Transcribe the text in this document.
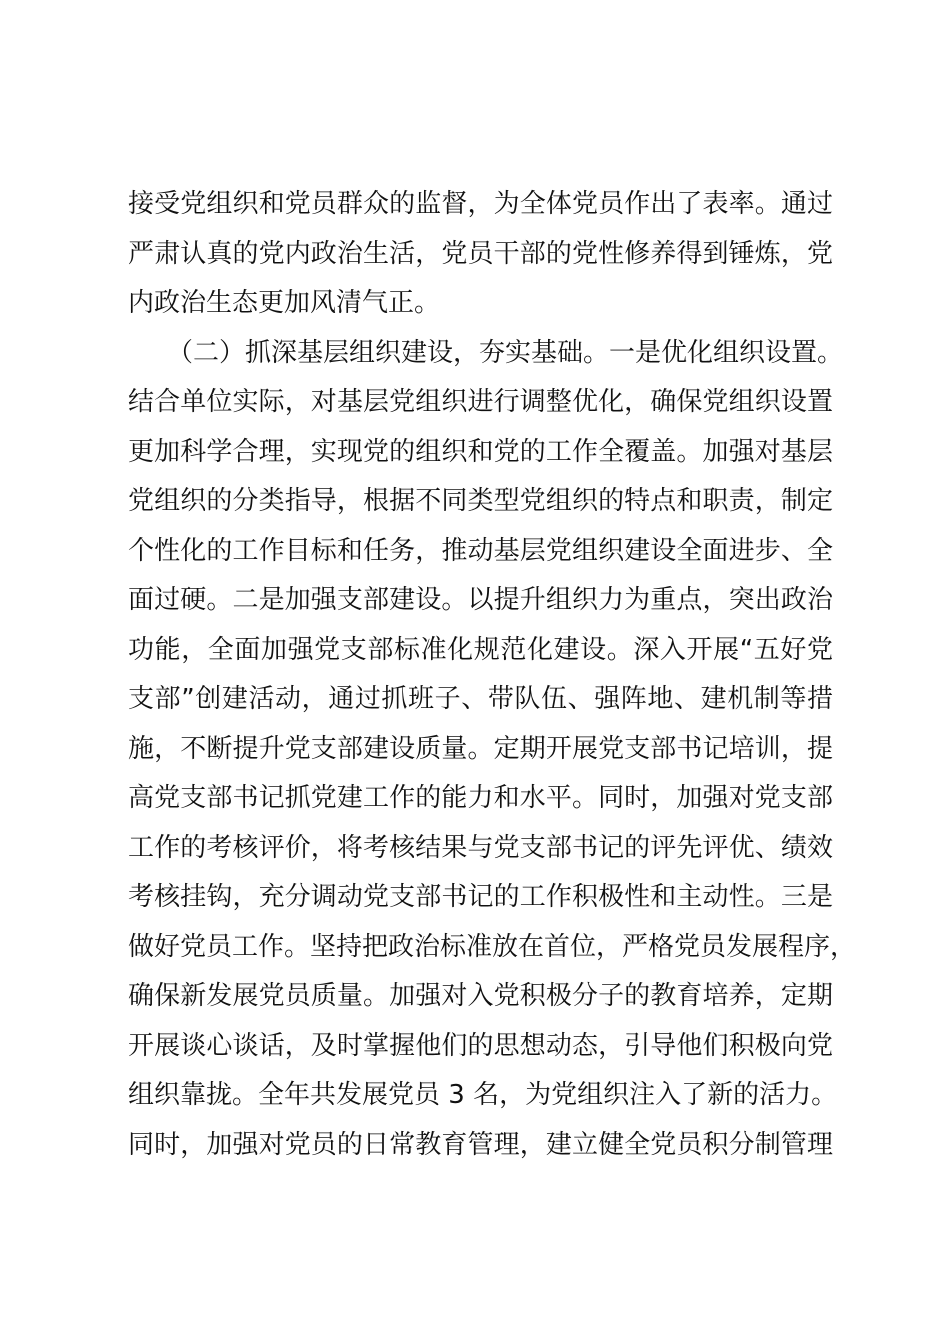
接受党组织和党员群众的监督，为全体党员作出了表率。通过
严肃认真的党内政治生活，党员干部的党性修养得到锤炼，党
内政治生态更加风清气正。
　　（二）抓深基层组织建设，夯实基础。一是优化组织设置。
结合单位实际，对基层党组织进行调整优化，确保党组织设置
更加科学合理，实现党的组织和党的工作全覆盖。加强对基层
党组织的分类指导，根据不同类型党组织的特点和职责，制定
个性化的工作目标和任务，推动基层党组织建设全面进步、全
面过硬。二是加强支部建设。以提升组织力为重点，突出政治
功能，全面加强党支部标准化规范化建设。深入开展“五好党
支部”创建活动，通过抓班子、带队伍、强阵地、建机制等措
施，不断提升党支部建设质量。定期开展党支部书记培训，提
高党支部书记抓党建工作的能力和水平。同时，加强对党支部
工作的考核评价，将考核结果与党支部书记的评先评优、绩效
考核挂钩，充分调动党支部书记的工作积极性和主动性。三是
做好党员工作。坚持把政治标准放在首位，严格党员发展程序，
确保新发展党员质量。加强对入党积极分子的教育培养，定期
开展谈心谈话，及时掌握他们的思想动态，引导他们积极向党
组织靠拢。全年共发展党员 3 名，为党组织注入了新的活力。
同时，加强对党员的日常教育管理，建立健全党员积分制管理
